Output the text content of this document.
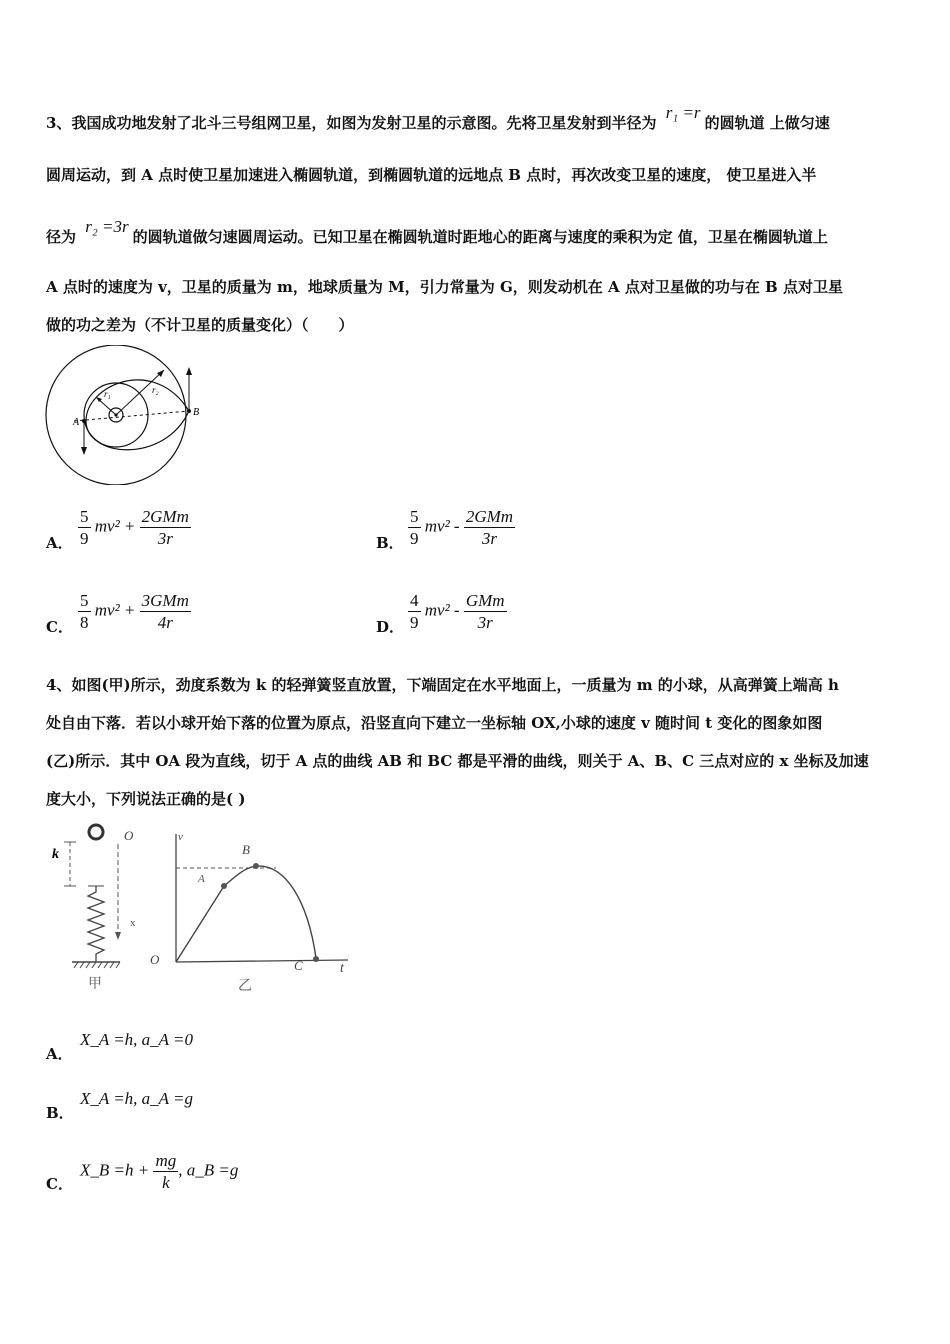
3、我国成功地发射了北斗三号组网卫星，如图为发射卫星的示意图。先将卫星发射到半径为 r₁ =r的圆轨道 上做匀速
圆周运动，到 A 点时使卫星加速进入椭圆轨道，到椭圆轨道的远地点 B 点时，再次改变卫星的速度， 使卫星进入半
径为 r₂ =3r的圆轨道做匀速圆周运动。已知卫星在椭圆轨道时距地心的距离与速度的乘积为定 值，卫星在椭圆轨道上
A 点时的速度为 v，卫星的质量为 m，地球质量为 M，引力常量为 G，则发动机在 A 点对卫星做的功与在 B 点对卫星
做的功之差为（不计卫星的质量变化）（　　）
A
B
r₁	r₂
A． $\frac{5}{9} mv^2 + \frac{\text{2GMm}}{3r}$	B． $\frac{5}{9} mv^2 - \frac{\text{2GMm}}{3r}$
C． $\frac{5}{8} mv^2 + \frac{\text{3GMm}}{4r}$	D． $\frac{4}{9} mv^2 - \frac{\text{GMm}}{3r}$
4、如图(甲)所示，劲度系数为 k 的轻弹簧竖直放置，下端固定在水平地面上，一质量为 m 的小球，从高弹簧上端高 h
处自由下落．若以小球开始下落的位置为原点，沿竖直向下建立一坐标轴 OX,小球的速度 v 随时间 t 变化的图象如图
(乙)所示．其中 OA 段为直线，切于 A 点的曲线 AB 和 BC 都是平滑的曲线，则关于 A、B、C 三点对应的 x 坐标及加速
度大小，下列说法正确的是( )
k
O
x
甲
v
t
O
A
B
C
乙
A．
X_A =h, a_A =0
B．
X_A =h, a_A =g
C．
X_B $=h + \frac{mg}{k}$ , a_B =g
